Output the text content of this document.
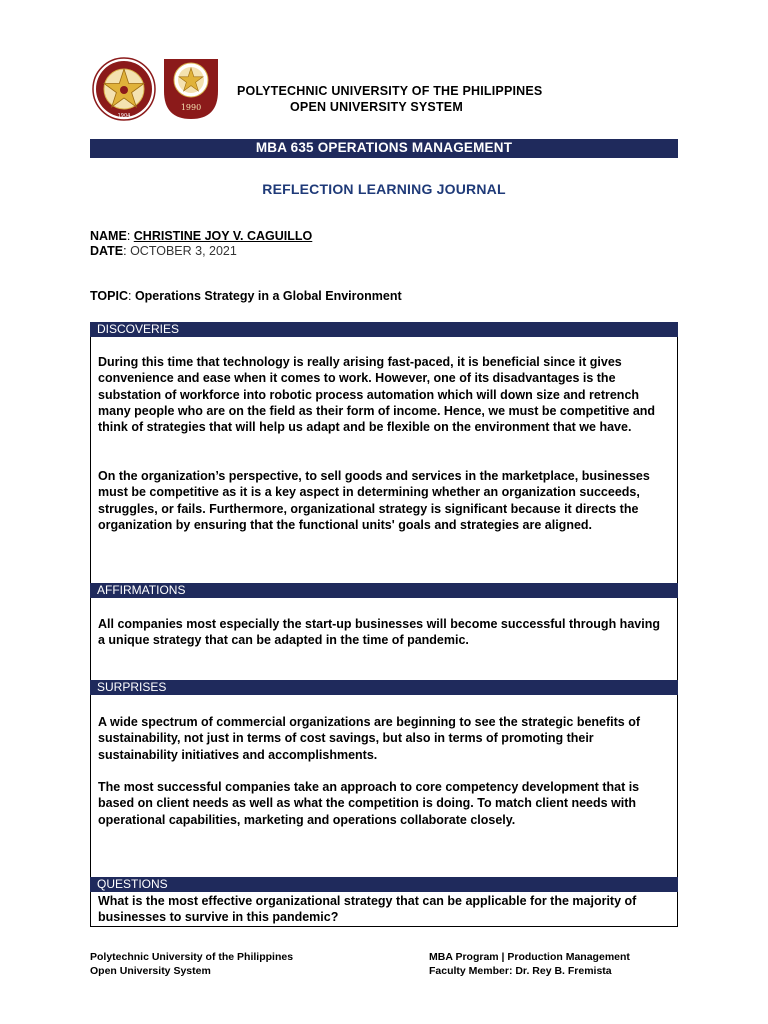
1904
1990
POLYTECHNIC UNIVERSITY OF THE PHILIPPINES
OPEN UNIVERSITY SYSTEM
MBA 635 OPERATIONS MANAGEMENT
REFLECTION LEARNING JOURNAL
NAME: CHRISTINE JOY V. CAGUILLO
DATE: OCTOBER 3, 2021
TOPIC: Operations Strategy in a Global Environment
DISCOVERIES
During this time that technology is really arising fast-paced, it is beneficial since it gives convenience and ease when it comes to work. However, one of its disadvantages is the substation of workforce into robotic process automation which will down size and retrench many people who are on the field as their form of income. Hence, we must be competitive and think of strategies that will help us adapt and be flexible on the environment that we have.
On the organization’s perspective, to sell goods and services in the marketplace, businesses must be competitive as it is a key aspect in determining whether an organization succeeds, struggles, or fails. Furthermore, organizational strategy is significant because it directs the organization by ensuring that the functional units' goals and strategies are aligned.
AFFIRMATIONS
All companies most especially the start-up businesses will become successful through having a unique strategy that can be adapted in the time of pandemic.
SURPRISES
A wide spectrum of commercial organizations are beginning to see the strategic benefits of sustainability, not just in terms of cost savings, but also in terms of promoting their sustainability initiatives and accomplishments.
The most successful companies take an approach to core competency development that is based on client needs as well as what the competition is doing. To match client needs with operational capabilities, marketing and operations collaborate closely.
QUESTIONS
What is the most effective organizational strategy that can be applicable for the majority of businesses to survive in this pandemic?
Polytechnic University of the Philippines
Open University System
MBA Program | Production Management
Faculty Member: Dr. Rey B. Fremista
